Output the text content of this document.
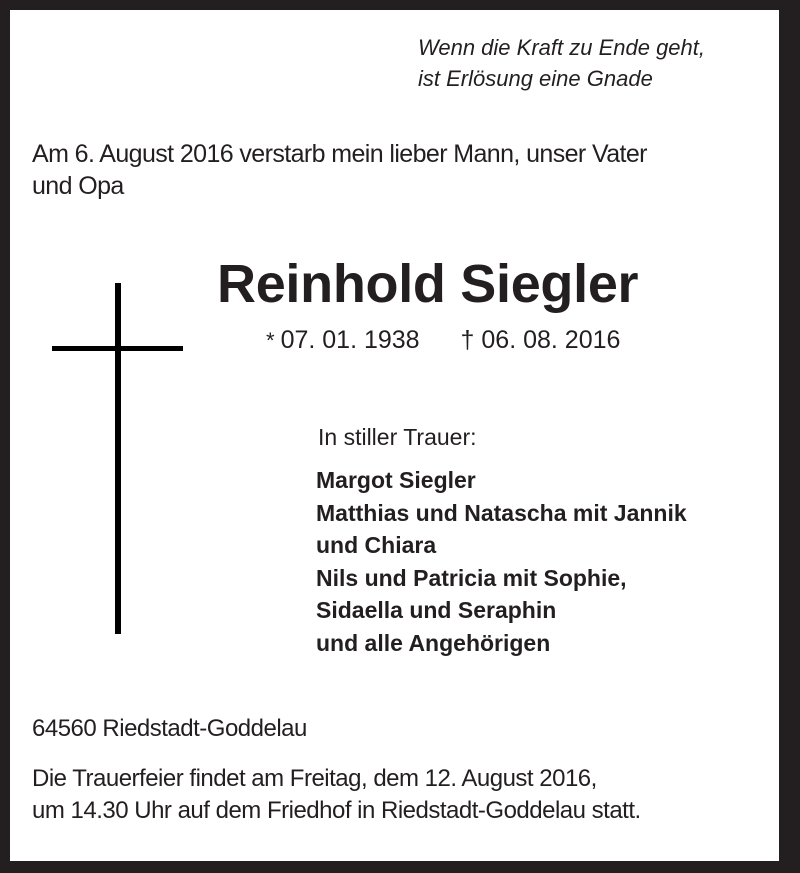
Wenn die Kraft zu Ende geht,
ist Erlösung eine Gnade
Am 6. August 2016 verstarb mein lieber Mann, unser Vater
und Opa
Reinhold Siegler
* 07. 01. 1938 † 06. 08. 2016
In stiller Trauer:
Margot Siegler
Matthias und Natascha mit Jannik
und Chiara
Nils und Patricia mit Sophie,
Sidaella und Seraphin
und alle Angehörigen
64560 Riedstadt-Goddelau
Die Trauerfeier findet am Freitag, dem 12. August 2016,
um 14.30 Uhr auf dem Friedhof in Riedstadt-Goddelau statt.
